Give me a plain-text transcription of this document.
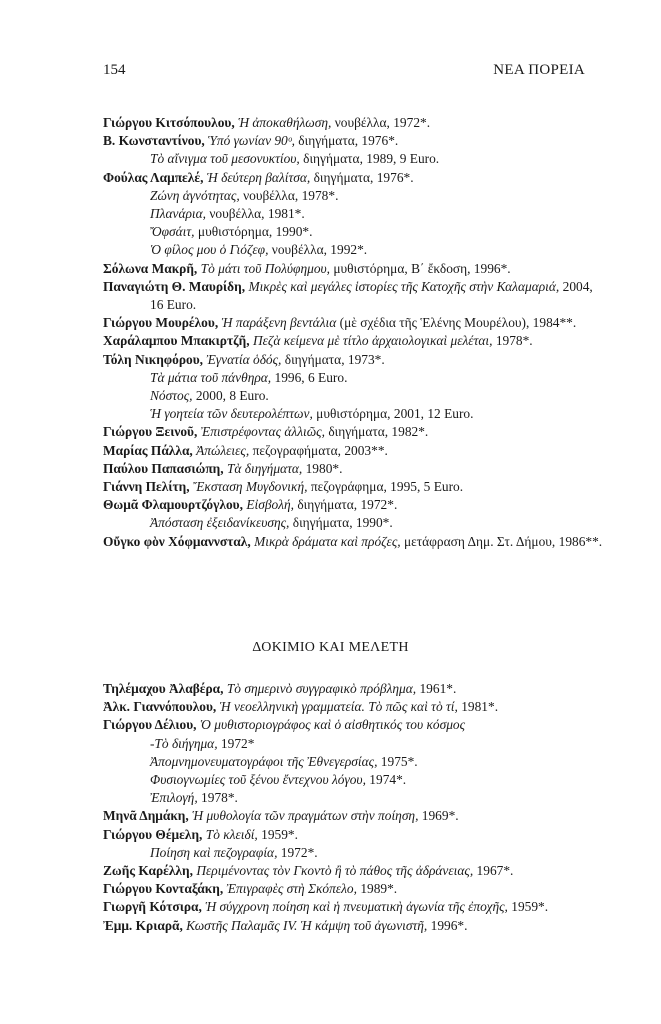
154	ΝΕΑ ΠΟΡΕΙΑ
Γιώργου Κιτσόπουλου, Ἡ ἀποκαθήλωση, νουβέλλα, 1972*.
Β. Κωνσταντίνου, Ὑπό γωνίαν 90ᵒ, διηγήματα, 1976*.
Τὸ αἴνιγμα τοῦ μεσονυκτίου, διηγήματα, 1989, 9 Euro.
Φούλας Λαμπελέ, Ἡ δεύτερη βαλίτσα, διηγήματα, 1976*.
Ζώνη ἁγνότητας, νουβέλλα, 1978*.
Πλανάρια, νουβέλλα, 1981*.
Ὄφσάιτ, μυθιστόρημα, 1990*.
Ὁ φίλος μου ὁ Γιόζεφ, νουβέλλα, 1992*.
Σόλωνα Μακρῆ, Τὸ μάτι τοῦ Πολύφημου, μυθιστόρημα, Β΄ ἔκδοση, 1996*.
Παναγιώτη Θ. Μαυρίδη, Μικρὲς καὶ μεγάλες ἱστορίες τῆς Κατοχῆς στὴν Καλαμαριά, 2004, 16 Euro.
Γιώργου Μουρέλου, Ἡ παράξενη βεντάλια (μὲ σχέδια τῆς Ἑλένης Μουρέλου), 1984**.
Χαράλαμπου Μπακιρτζῆ, Πεζὰ κείμενα μὲ τίτλο ἀρχαιολογικαὶ μελέται, 1978*.
Τόλη Νικηφόρου, Ἐγνατία ὁδός, διηγήματα, 1973*.
Τὰ μάτια τοῦ πάνθηρα, 1996, 6 Euro.
Νόστος, 2000, 8 Euro.
Ἡ γοητεία τῶν δευτερολέπτων, μυθιστόρημα, 2001, 12 Euro.
Γιώργου Ξεινοῦ, Ἐπιστρέφοντας ἀλλιῶς, διηγήματα, 1982*.
Μαρίας Πάλλα, Ἀπώλειες, πεζογραφήματα, 2003**.
Παύλου Παπασιώπη, Τὰ διηγήματα, 1980*.
Γιάννη Πελίτη, Ἔκσταση Μυγδονική, πεζογράφημα, 1995, 5 Euro.
Θωμᾶ Φλαμουρτζόγλου, Εἰσβολή, διηγήματα, 1972*.
Ἀπόσταση ἐξειδανίκευσης, διηγήματα, 1990*.
Οὔγκο φὸν Χόφμαννσταλ, Μικρὰ δράματα καὶ πρόζες, μετάφραση Δημ. Στ. Δήμου, 1986**.
ΔΟΚΙΜΙΟ ΚΑΙ ΜΕΛΕΤΗ
Τηλέμαχου Ἀλαβέρα, Τὸ σημερινὸ συγγραφικὸ πρόβλημα, 1961*.
Ἀλκ. Γιαννόπουλου, Ἡ νεοελληνικὴ γραμματεία. Τὸ πῶς καὶ τὸ τί, 1981*.
Γιώργου Δέλιου, Ὁ μυθιστοριογράφος καὶ ὁ αἰσθητικός του κόσμος
-Τὸ διήγημα, 1972*
Ἀπομνημονευματογράφοι τῆς Ἐθνεγερσίας, 1975*.
Φυσιογνωμίες τοῦ ξένου ἔντεχνου λόγου, 1974*.
Ἐπιλογή, 1978*.
Μηνᾶ Δημάκη, Ἡ μυθολογία τῶν πραγμάτων στὴν ποίηση, 1969*.
Γιώργου Θέμελη, Τὸ κλειδί, 1959*.
Ποίηση καὶ πεζογραφία, 1972*.
Ζωῆς Καρέλλη, Περιμένοντας τὸν Γκοντὸ ἢ τὸ πάθος τῆς ἀδράνειας, 1967*.
Γιώργου Κονταξάκη, Ἐπιγραφὲς στὴ Σκόπελο, 1989*.
Γιωργῆ Κότσιρα, Ἡ σύγχρονη ποίηση καὶ ἡ πνευματικὴ ἀγωνία τῆς ἐποχῆς, 1959*.
Ἐμμ. Κριαρᾶ, Κωστῆς Παλαμᾶς IV. Ἡ κάμψη τοῦ ἀγωνιστῆ, 1996*.
